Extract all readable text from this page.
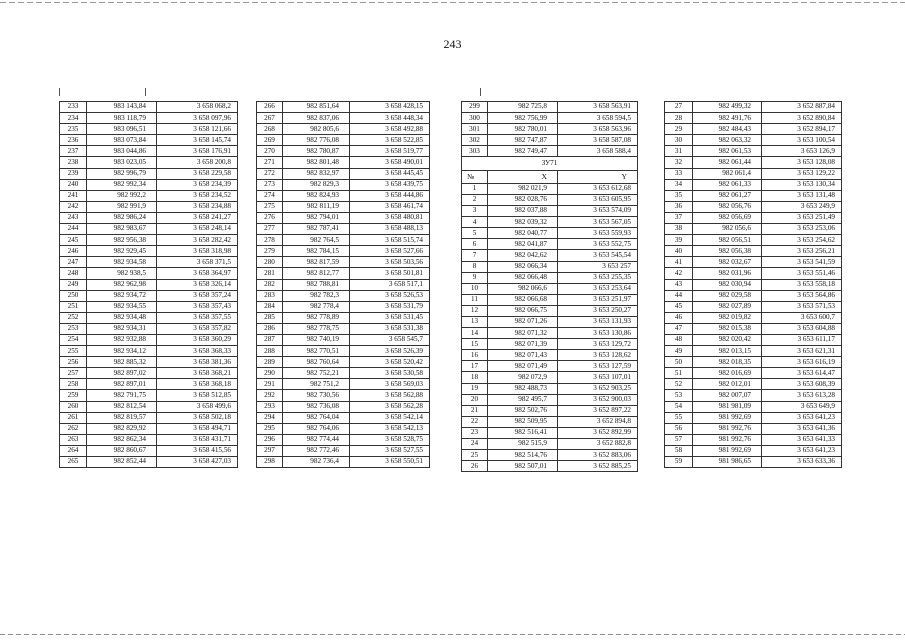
243
233	983 143,84	3 658 068,2
234	983 118,79	3 658 097,96
235	983 096,51	3 658 121,66
236	983 073,84	3 658 145,74
237	983 044,86	3 658 176,91
238	983 023,05	3 658 200,8
239	982 996,79	3 658 229,58
240	982 992,34	3 658 234,39
241	982 992,2	3 658 234,52
242	982 991,9	3 658 234,88
243	982 986,24	3 658 241,27
244	982 983,67	3 658 248,14
245	982 956,38	3 658 282,42
246	982 929,45	3 658 318,98
247	982 934,58	3 658 371,5
248	982 938,5	3 658 364,97
249	982 962,98	3 658 326,14
250	982 934,72	3 658 357,24
251	982 934,55	3 658 357,43
252	982 934,48	3 658 357,55
253	982 934,31	3 658 357,82
254	982 932,88	3 658 360,29
255	982 934,12	3 658 368,33
256	982 885,32	3 658 381,36
257	982 897,02	3 658 368,21
258	982 897,01	3 658 368,18
259	982 791,75	3 658 512,85
260	982 812,54	3 658 499,6
261	982 819,57	3 658 502,18
262	982 829,92	3 658 494,71
263	982 862,34	3 658 431,71
264	982 860,67	3 658 415,56
265	982 852,44	3 658 427,03
266	982 851,64	3 658 428,15
267	982 837,06	3 658 448,34
268	982 805,6	3 658 492,88
269	982 776,08	3 658 522,85
270	982 780,87	3 658 519,77
271	982 801,48	3 658 490,01
272	982 832,97	3 658 445,45
273	982 829,3	3 658 439,75
274	982 824,93	3 658 444,86
275	982 811,19	3 658 461,74
276	982 794,01	3 658 480,81
277	982 787,41	3 658 488,13
278	982 764,5	3 658 515,74
279	982 784,15	3 658 527,66
280	982 817,59	3 658 503,56
281	982 812,77	3 658 501,81
282	982 788,81	3 658 517,1
283	982 782,3	3 658 526,53
284	982 778,4	3 658 531,79
285	982 778,89	3 658 531,45
286	982 778,75	3 658 531,38
287	982 740,19	3 658 545,7
288	982 770,51	3 658 526,39
289	982 760,64	3 658 520,42
290	982 752,21	3 658 530,58
291	982 751,2	3 658 569,03
292	982 730,56	3 658 562,88
293	982 736,08	3 658 562,28
294	982 764,04	3 658 542,14
295	982 764,06	3 658 542,13
296	982 774,44	3 658 528,75
297	982 772,46	3 658 527,55
298	982 736,4	3 658 550,51
299	982 725,8	3 658 563,91
300	982 756,99	3 658 594,5
301	982 780,01	3 658 563,96
302	982 747,87	3 658 587,08
303	982 749,47	3 658 588,4
ЗУ71		
№	X	Y
1	982 021,9	3 653 612,68
2	982 028,76	3 653 605,95
3	982 037,88	3 653 574,09
4	982 039,32	3 653 567,05
5	982 040,77	3 653 559,93
6	982 041,87	3 653 552,75
7	982 042,62	3 653 545,54
8	982 066,34	3 653 257
9	982 066,48	3 653 255,35
10	982 066,6	3 653 253,64
11	982 066,68	3 653 251,97
12	982 066,75	3 653 250,27
13	982 071,26	3 653 131,93
14	982 071,32	3 653 130,86
15	982 071,39	3 653 129,72
16	982 071,43	3 653 128,62
17	982 071,49	3 653 127,59
18	982 072,9	3 653 107,01
19	982 488,73	3 652 903,25
20	982 495,7	3 652 900,03
21	982 502,76	3 652 897,22
22	982 509,95	3 652 894,8
23	982 516,41	3 652 892,99
24	982 515,9	3 652 882,8
25	982 514,76	3 652 883,06
26	982 507,01	3 652 885,25
27	982 499,32	3 652 887,84
28	982 491,76	3 652 890,84
29	982 484,43	3 652 894,17
30	982 063,32	3 653 100,54
31	982 061,53	3 653 126,9
32	982 061,44	3 653 128,08
33	982 061,4	3 653 129,22
34	982 061,33	3 653 130,34
35	982 061,27	3 653 131,48
36	982 056,76	3 653 249,9
37	982 056,69	3 653 251,49
38	982 056,6	3 653 253,06
39	982 056,51	3 653 254,62
40	982 056,38	3 653 256,21
41	982 032,67	3 653 541,59
42	982 031,96	3 653 551,46
43	982 030,94	3 653 558,18
44	982 029,58	3 653 564,86
45	982 027,89	3 653 571,53
46	982 019,82	3 653 600,7
47	982 015,38	3 653 604,88
48	982 020,42	3 653 611,17
49	982 013,15	3 653 621,31
50	982 018,35	3 653 616,19
51	982 016,69	3 653 614,47
52	982 012,01	3 653 608,39
53	982 007,07	3 653 613,28
54	981 981,09	3 653 649,9
55	981 992,69	3 653 641,23
56	981 992,76	3 653 641,36
57	981 992,76	3 653 641,33
58	981 992,69	3 653 641,23
59	981 986,65	3 653 633,36
